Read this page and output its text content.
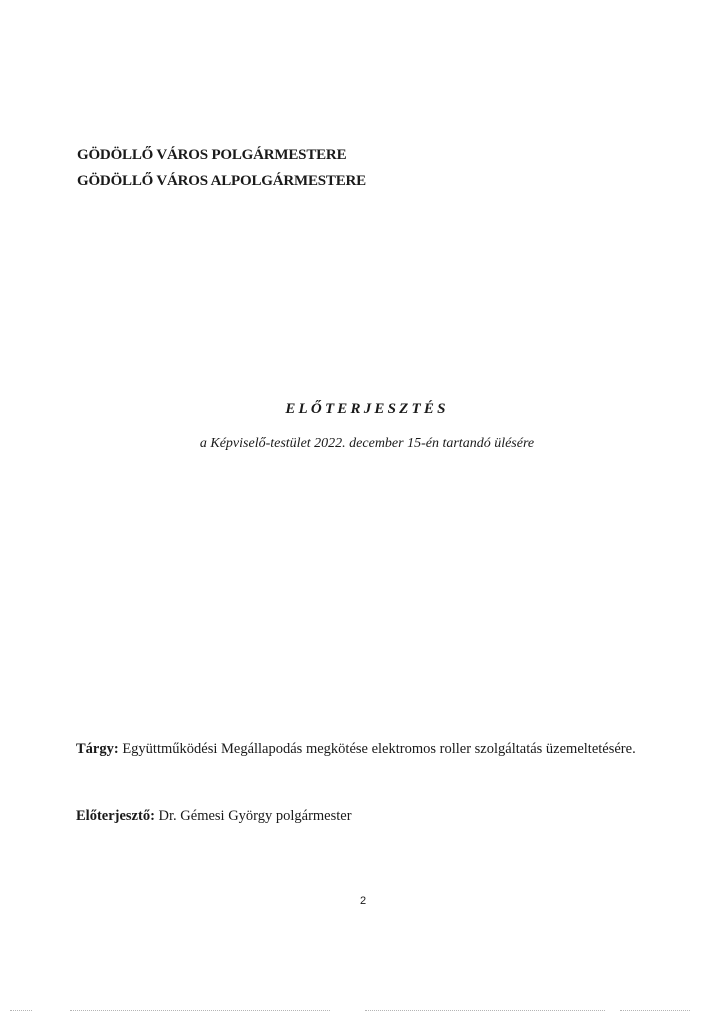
GÖDÖLLŐ VÁROS POLGÁRMESTERE
GÖDÖLLŐ VÁROS ALPOLGÁRMESTERE
ELŐTERJESZTÉS
a Képviselő-testület 2022. december 15-én tartandó ülésére
Tárgy: Együttműködési Megállapodás megkötése elektromos roller szolgáltatás üzemeltetésére.
Előterjesztő: Dr. Gémesi György polgármester
2
